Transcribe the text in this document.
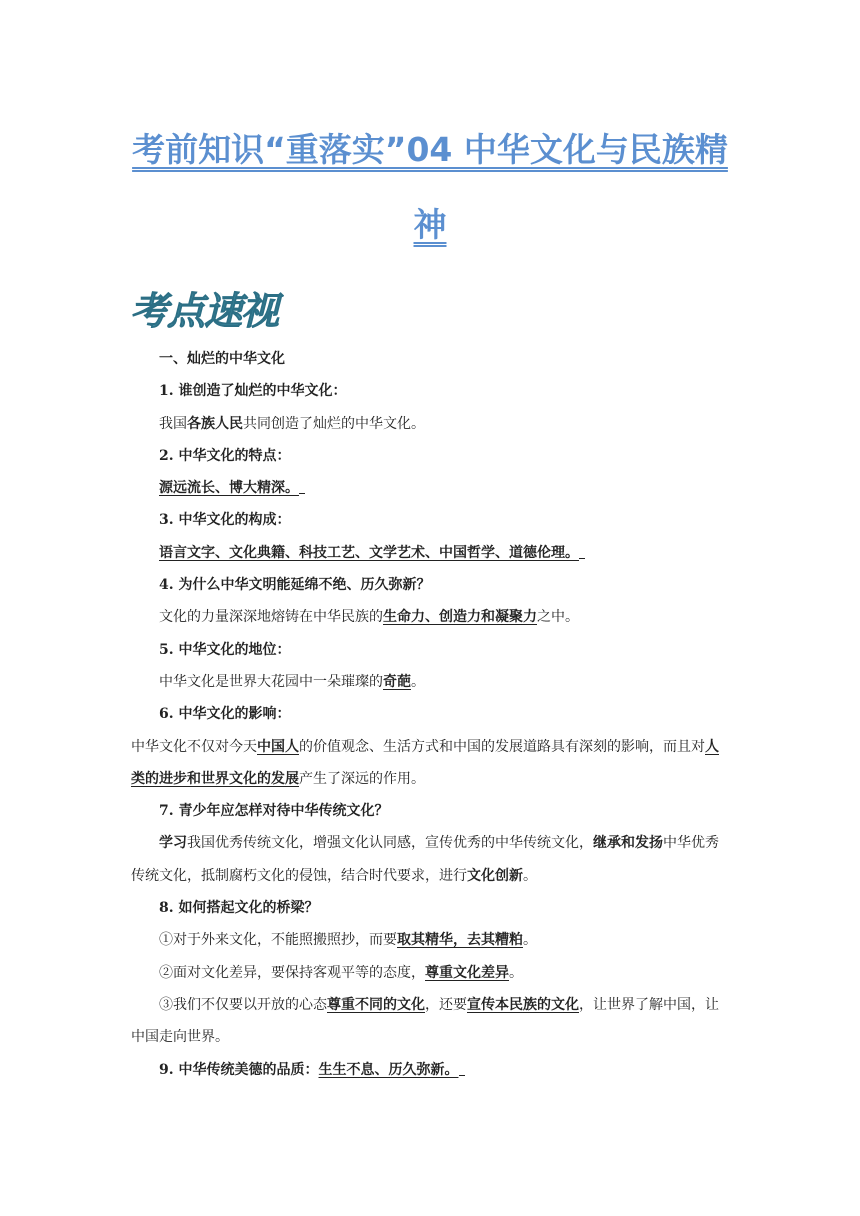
考前知识“重落实”04 中华文化与民族精神
考点速视

一、灿烂的中华文化

1. 谁创造了灿烂的中华文化：

我国各族人民共同创造了灿烂的中华文化。

2. 中华文化的特点：

源远流长、博大精深。

3. 中华文化的构成：

语言文字、文化典籍、科技工艺、文学艺术、中国哲学、道德伦理。

4. 为什么中华文明能延绵不绝、历久弥新？

文化的力量深深地熔铸在中华民族的生命力、创造力和凝聚力之中。

5. 中华文化的地位：

中华文化是世界大花园中一朵璀璨的奇葩。

6. 中华文化的影响：

中华文化不仅对今天中国人的价值观念、生活方式和中国的发展道路具有深刻的影响，而且对人类的进步和世界文化的发展产生了深远的作用。

7. 青少年应怎样对待中华传统文化？

学习我国优秀传统文化，增强文化认同感，宣传优秀的中华传统文化，继承和发扬中华优秀传统文化，抵制腐朽文化的侵蚀，结合时代要求，进行文化创新。

8. 如何搭起文化的桥梁？

①对于外来文化，不能照搬照抄，而要取其精华，去其糟粕。

②面对文化差异，要保持客观平等的态度，尊重文化差异。

③我们不仅要以开放的心态尊重不同的文化，还要宣传本民族的文化，让世界了解中国，让中国走向世界。

9. 中华传统美德的品质：生生不息、历久弥新。
